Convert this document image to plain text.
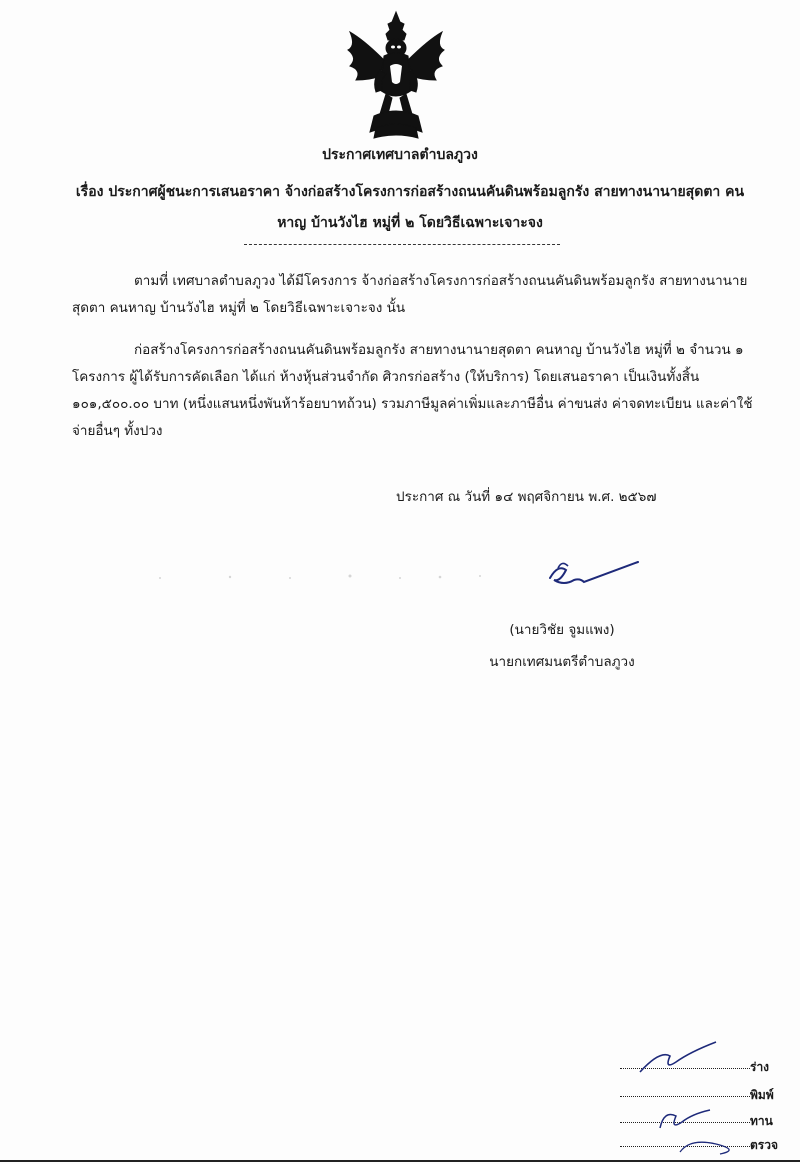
ประกาศเทศบาลตำบลภูวง
เรื่อง ประกาศผู้ชนะการเสนอราคา จ้างก่อสร้างโครงการก่อสร้างถนนคันดินพร้อมลูกรัง สายทางนานายสุดตา คนหาญ บ้านวังไฮ หมู่ที่ ๒ โดยวิธีเฉพาะเจาะจง
ตามที่ เทศบาลตำบลภูวง ได้มีโครงการ จ้างก่อสร้างโครงการก่อสร้างถนนคันดินพร้อมลูกรัง สายทางนานายสุดตา คนหาญ บ้านวังไฮ หมู่ที่ ๒ โดยวิธีเฉพาะเจาะจง นั้น
ก่อสร้างโครงการก่อสร้างถนนคันดินพร้อมลูกรัง สายทางนานายสุดตา คนหาญ บ้านวังไฮ หมู่ที่ ๒ จำนวน ๑ โครงการ ผู้ได้รับการคัดเลือก ได้แก่ ห้างหุ้นส่วนจำกัด ศิวกรก่อสร้าง (ให้บริการ) โดยเสนอราคา เป็นเงินทั้งสิ้น ๑๐๑,๕๐๐.๐๐ บาท (หนึ่งแสนหนึ่งพันห้าร้อยบาทถ้วน) รวมภาษีมูลค่าเพิ่มและภาษีอื่น ค่าขนส่ง ค่าจดทะเบียน และค่าใช้จ่ายอื่นๆ ทั้งปวง
ประกาศ ณ วันที่ ๑๔ พฤศจิกายน พ.ศ. ๒๕๖๗
(นายวิชัย จูมแพง)
นายกเทศมนตรีตำบลภูวง
ร่าง
พิมพ์
ทาน
ตรวจ
